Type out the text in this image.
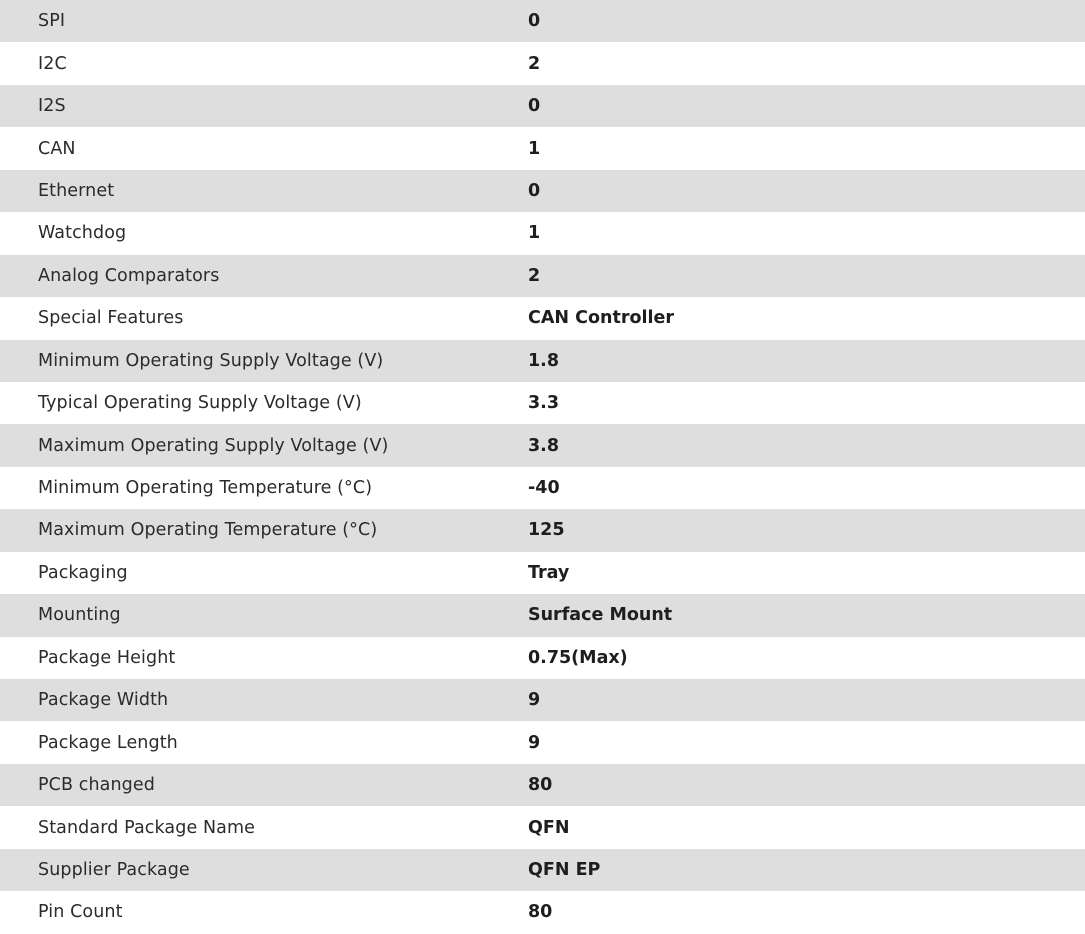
SPI	0
I2C	2
I2S	0
CAN	1
Ethernet	0
Watchdog	1
Analog Comparators	2
Special Features	CAN Controller
Minimum Operating Supply Voltage (V)	1.8
Typical Operating Supply Voltage (V)	3.3
Maximum Operating Supply Voltage (V)	3.8
Minimum Operating Temperature (°C)	-40
Maximum Operating Temperature (°C)	125
Packaging	Tray
Mounting	Surface Mount
Package Height	0.75(Max)
Package Width	9
Package Length	9
PCB changed	80
Standard Package Name	QFN
Supplier Package	QFN EP
Pin Count	80
